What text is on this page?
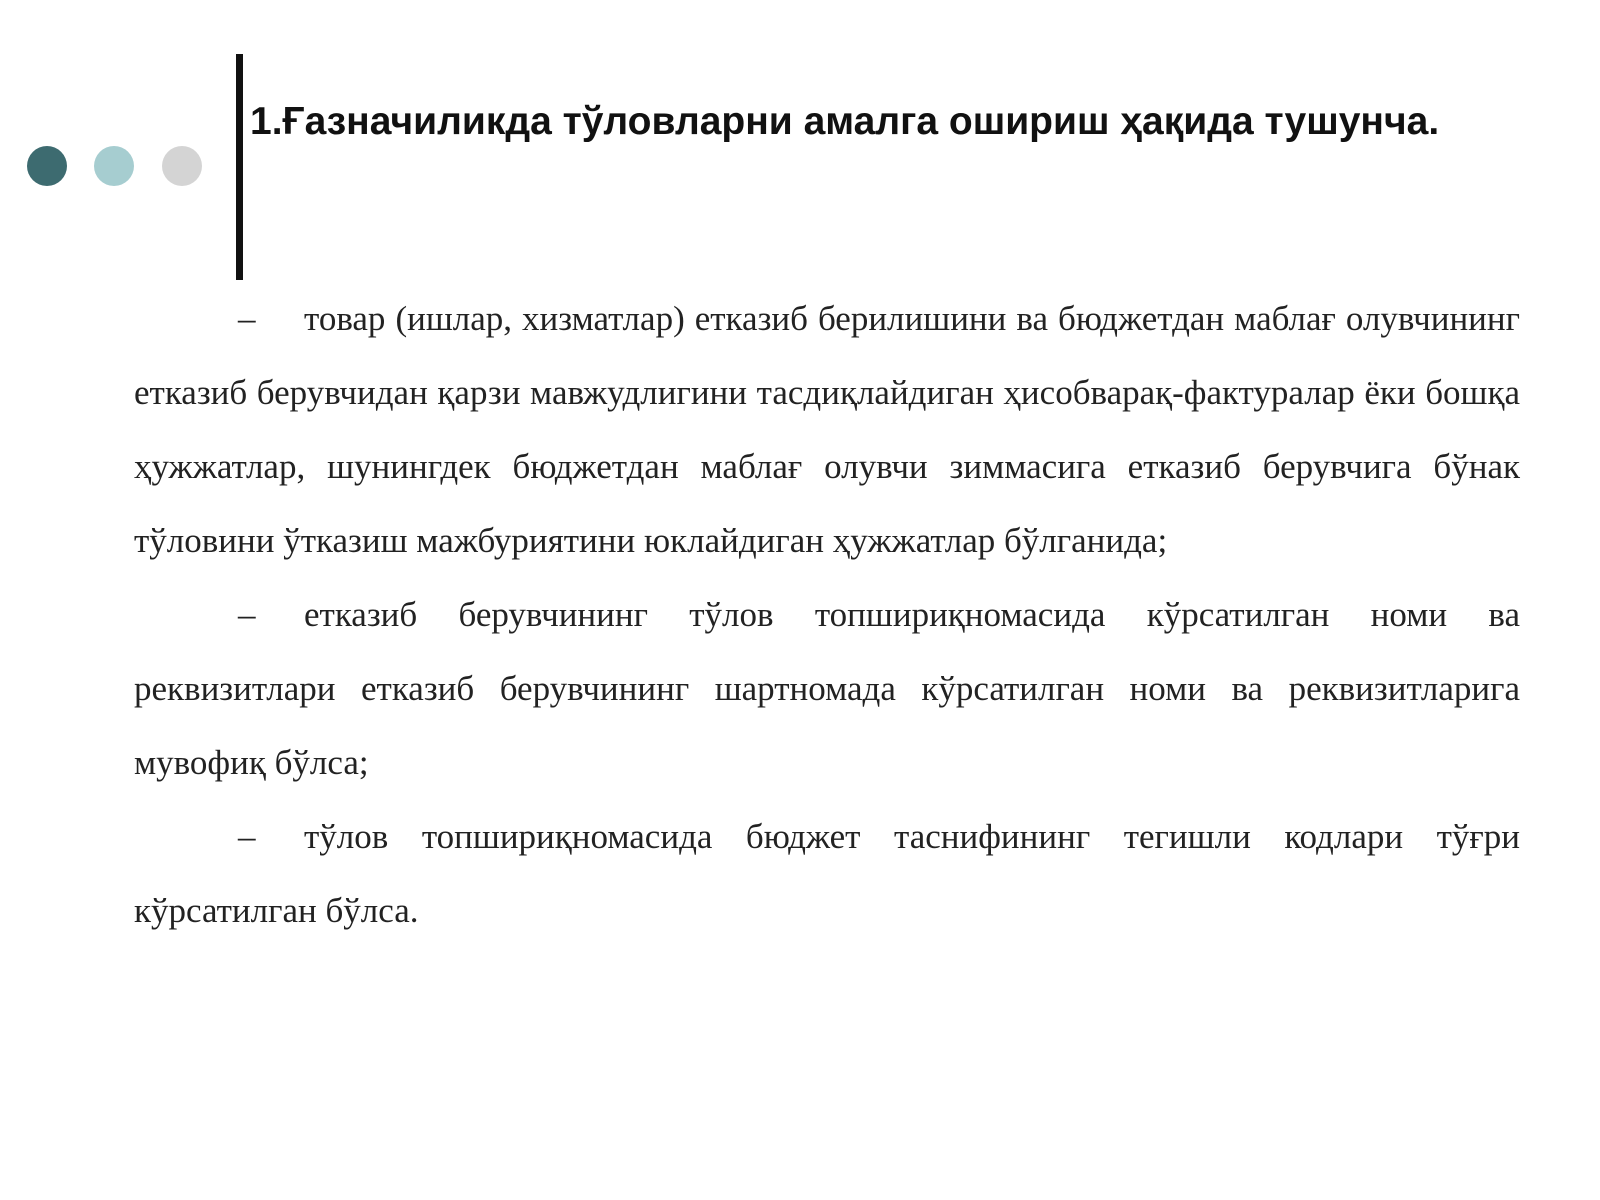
1.Ғазначиликда тўловларни амалга ошириш ҳақида тушунча.

– товар (ишлар, хизматлар) етказиб берилишини ва бюджетдан маблағ олувчининг етказиб берувчидан қарзи мавжудлигини тасдиқлайдиган ҳисобварақ-фактуралар ёки бошқа ҳужжатлар, шунингдек бюджетдан маблағ олувчи зиммасига етказиб берувчига бўнак тўловини ўтказиш мажбуриятини юклайдиган ҳужжатлар бўлганида;

– етказиб берувчининг тўлов топшириқномасида кўрсатилган номи ва реквизитлари етказиб берувчининг шартномада кўрсатилган номи ва реквизитларига мувофиқ бўлса;

– тўлов топшириқномасида бюджет таснифининг тегишли кодлари тўғри кўрсатилган бўлса.
